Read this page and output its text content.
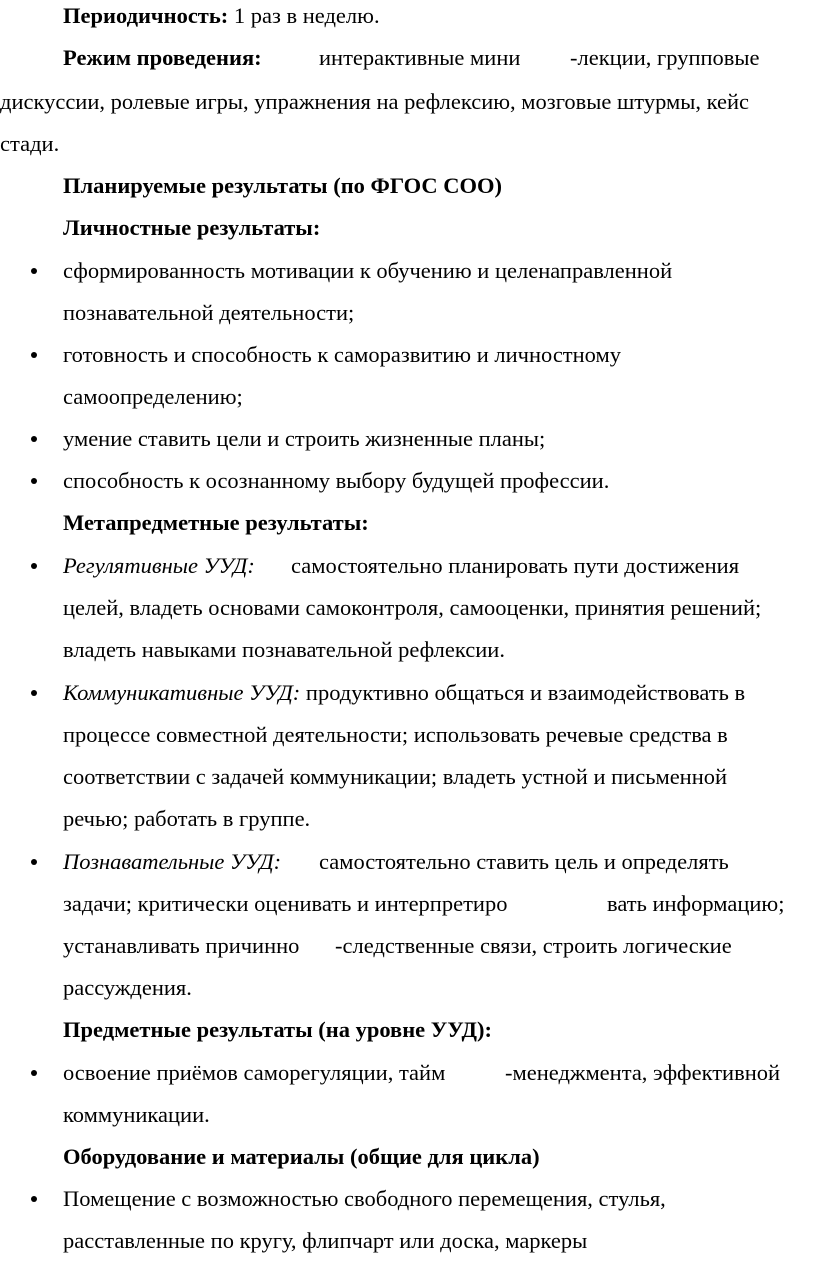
Периодичность: 1 раз в неделю.
Режим проведения:	интерактивные мини -лекции, групповые
дискуссии, ролевые игры, упражнения на рефлексию, мозговые штурмы, кейс
стади.
Планируемые результаты (по ФГОС СОО)
Личностные результаты:
сформированность мотивации к обучению и целенаправленной
познавательной деятельности;
готовность и способность к саморазвитию и личностному
самоопределению;
умение ставить цели и строить жизненные планы;
способность к осознанному выбору будущей профессии.
Метапредметные результаты:
Регулятивные УУД: самостоятельно планировать пути достижения
целей, владеть основами самоконтроля, самооценки, принятия решений;
владеть навыками познавательной рефлексии.
Коммуникативные УУД: продуктивно общаться и взаимодействовать в
процессе совместной деятельности; использовать речевые средства в
соответствии с задачей коммуникации; владеть устной и письменной
речью; работать в группе.
Познавательные УУД: самостоятельно ставить цель и определять
задачи; критически оценивать и интерпретиро	вать информацию;
устанавливать причинно -следственные связи, строить логические
рассуждения.
Предметные результаты (на уровне УУД):
освоение приёмов саморегуляции, тайм	-менеджмента, эффективной
коммуникации.
Оборудование и материалы (общие для цикла)
Помещение с возможностью свободного перемещения, стулья,
расставленные по кругу, флипчарт или доска, маркеры
